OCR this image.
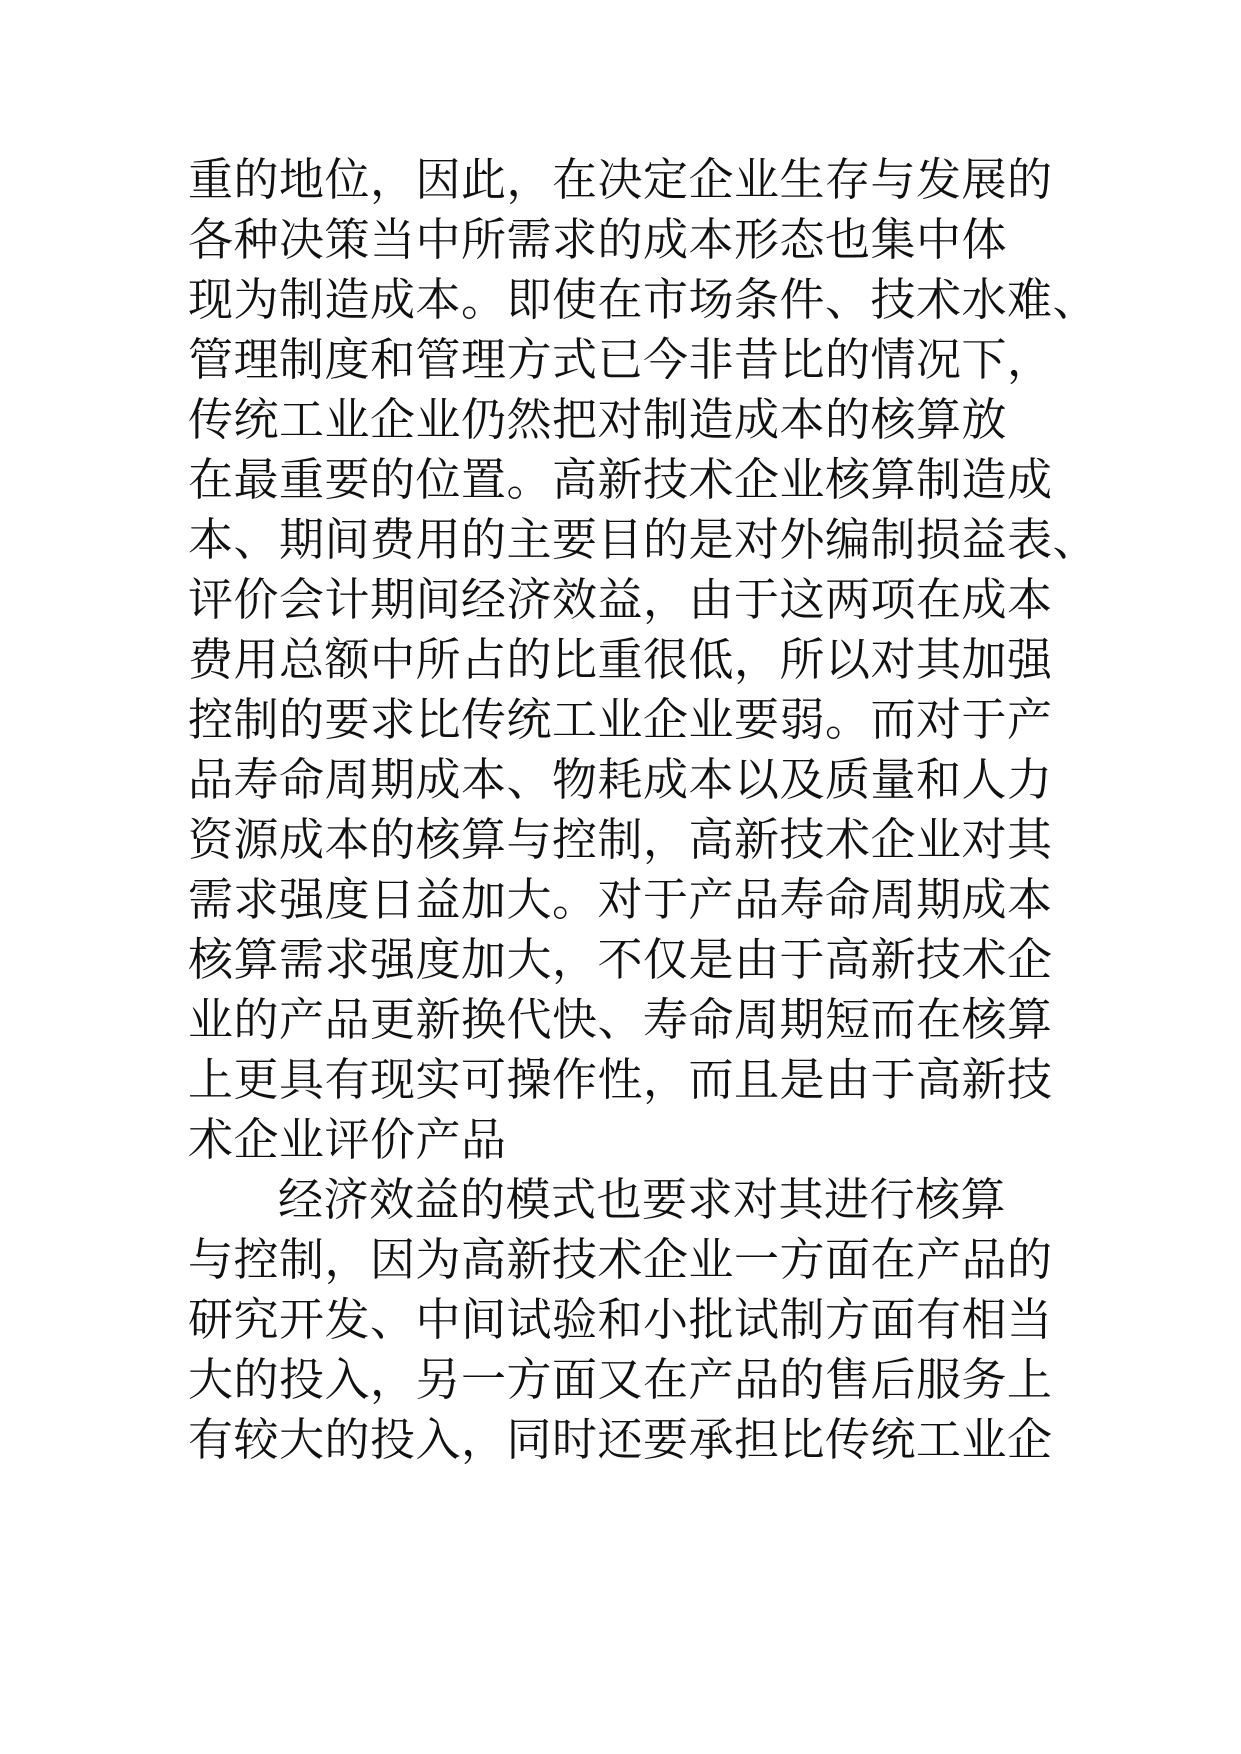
重的地位，因此，在决定企业生存与发展的
各种决策当中所需求的成本形态也集中体
现为制造成本。即使在市场条件、技术水难、
管理制度和管理方式已今非昔比的情况下，
传统工业企业仍然把对制造成本的核算放
在最重要的位置。高新技术企业核算制造成
本、期间费用的主要目的是对外编制损益表、
评价会计期间经济效益，由于这两项在成本
费用总额中所占的比重很低，所以对其加强
控制的要求比传统工业企业要弱。而对于产
品寿命周期成本、物耗成本以及质量和人力
资源成本的核算与控制，高新技术企业对其
需求强度日益加大。对于产品寿命周期成本
核算需求强度加大，不仅是由于高新技术企
业的产品更新换代快、寿命周期短而在核算
上更具有现实可操作性，而且是由于高新技
术企业评价产品
经济效益的模式也要求对其进行核算
与控制，因为高新技术企业一方面在产品的
研究开发、中间试验和小批试制方面有相当
大的投入，另一方面又在产品的售后服务上
有较大的投入，同时还要承担比传统工业企
